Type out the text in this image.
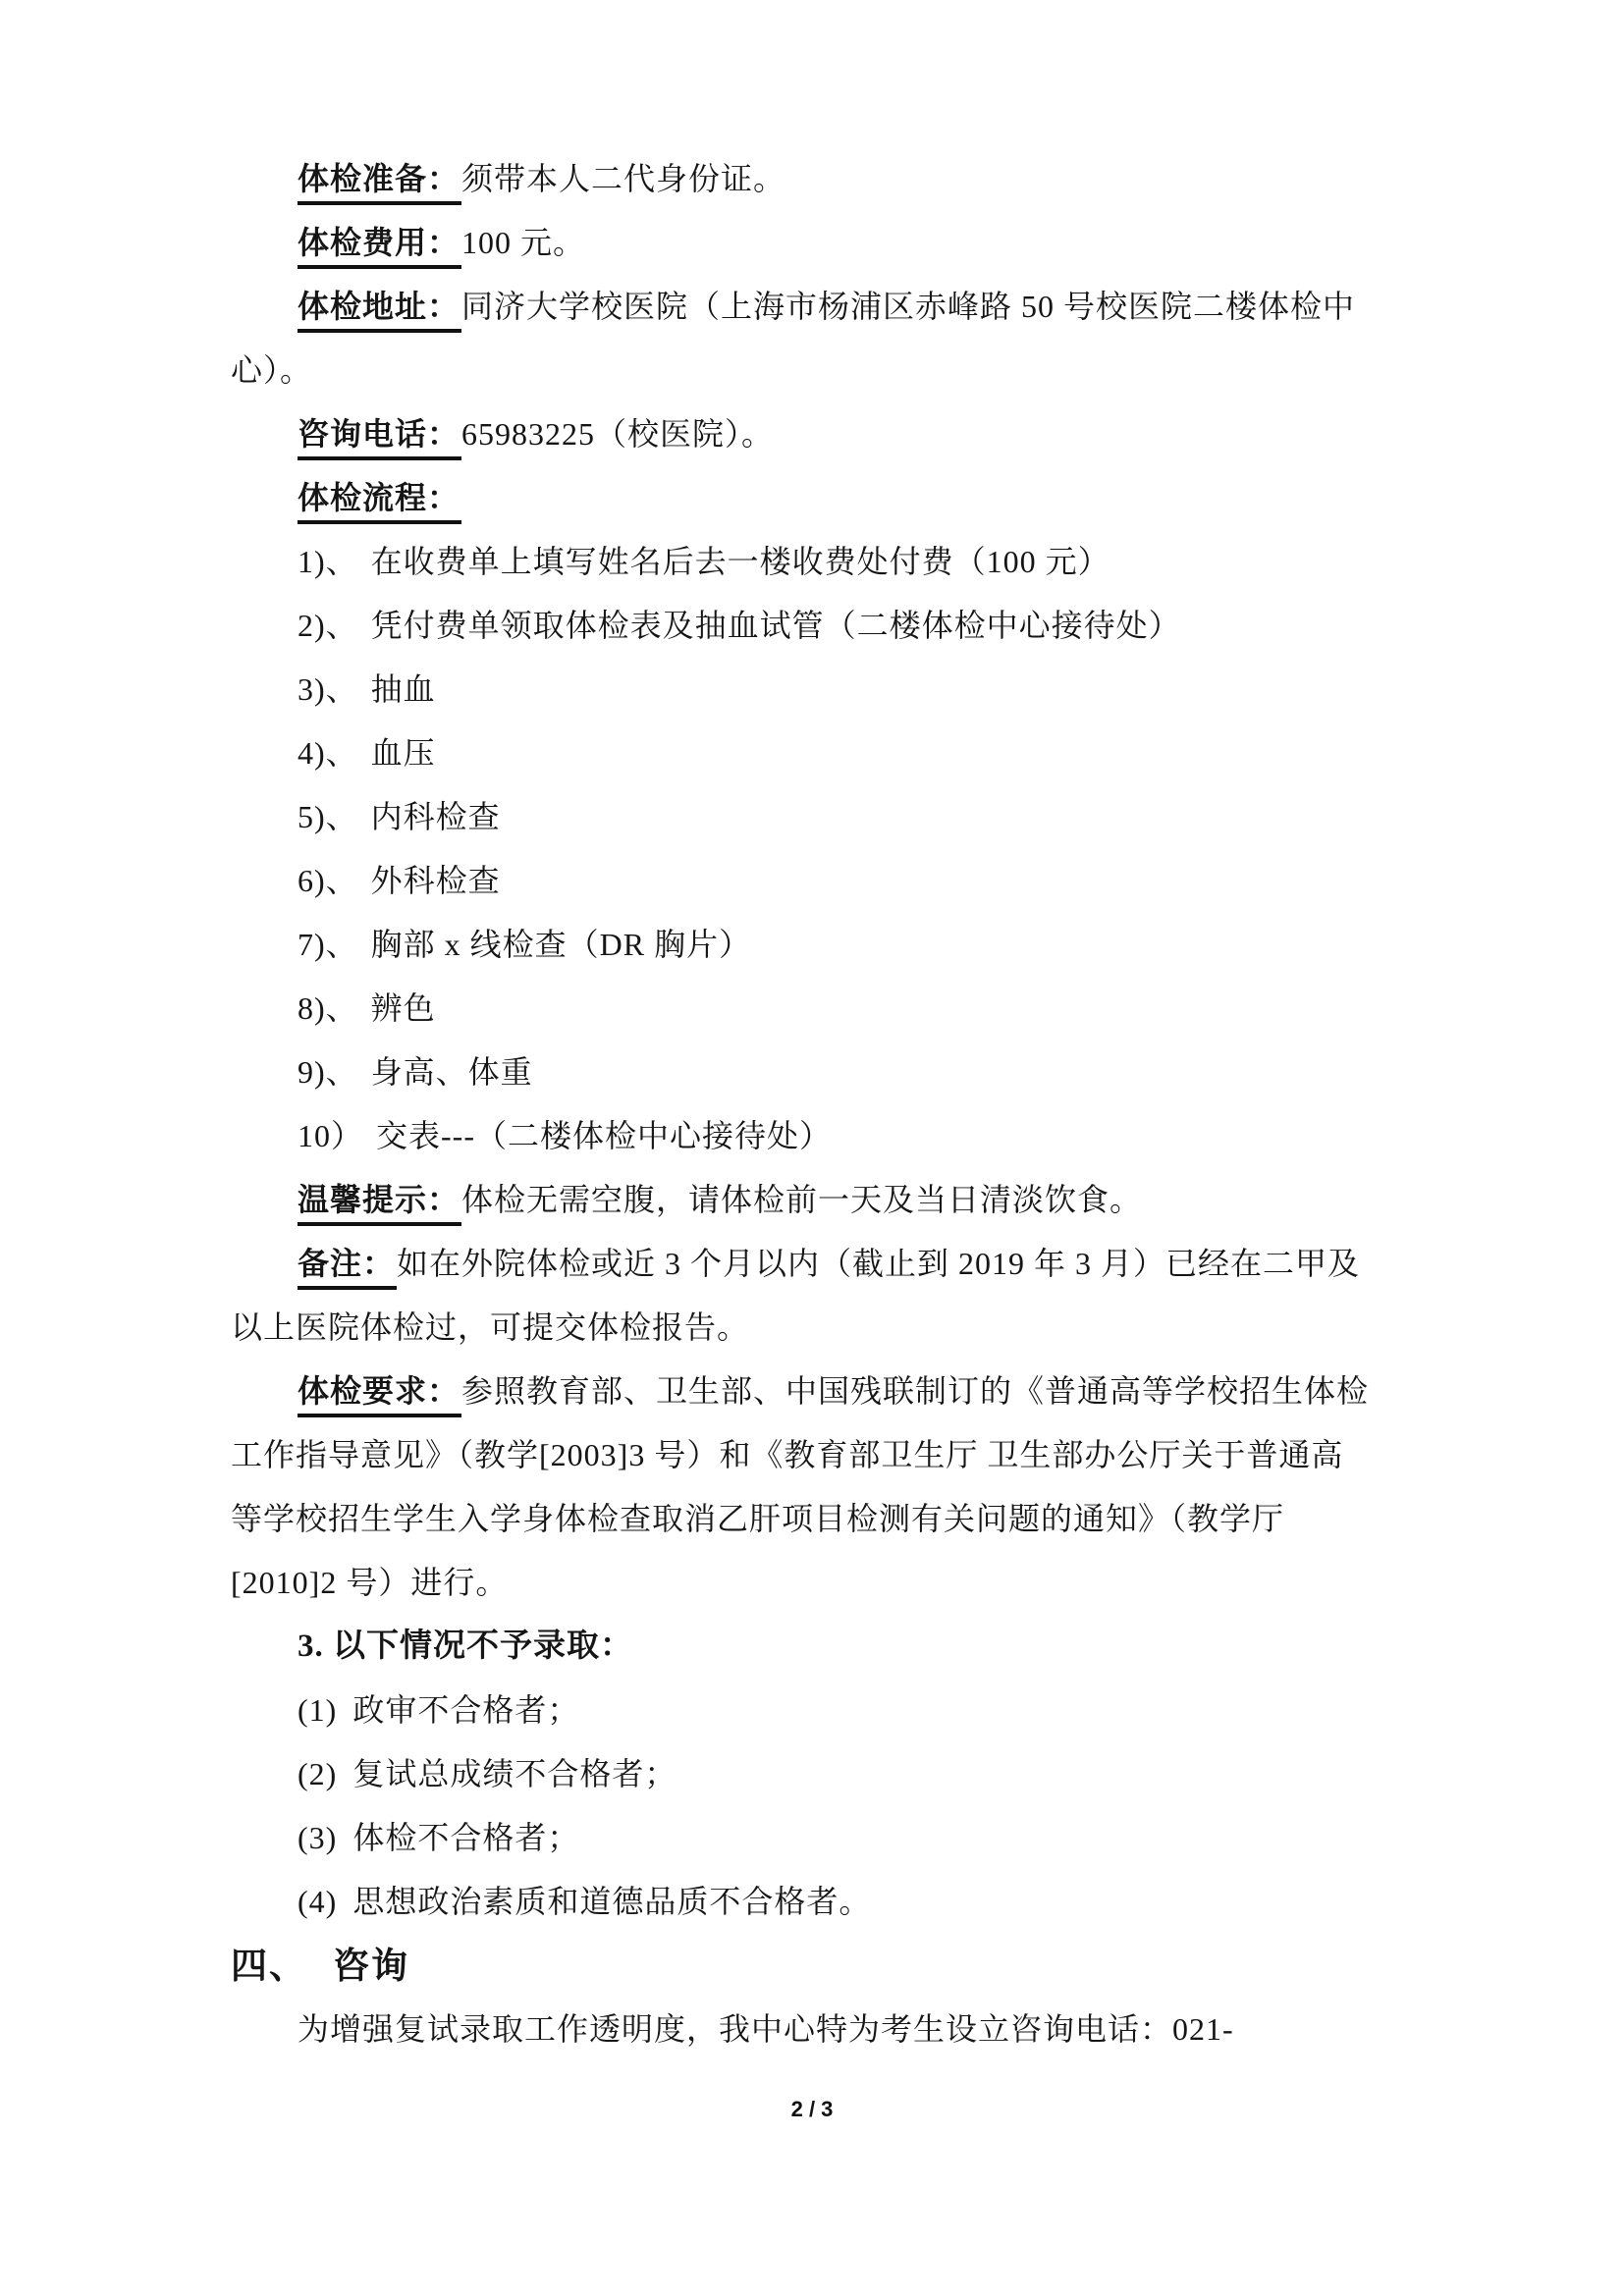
体检准备：须带本人二代身份证。
体检费用：100 元。
体检地址：同济大学校医院（上海市杨浦区赤峰路 50 号校医院二楼体检中
心）。
咨询电话：65983225（校医院）。
体检流程：
1)、 在收费单上填写姓名后去一楼收费处付费（100 元）
2)、 凭付费单领取体检表及抽血试管（二楼体检中心接待处）
3)、 抽血
4)、 血压
5)、 内科检查
6)、 外科检查
7)、 胸部 x 线检查（DR 胸片）
8)、 辨色
9)、 身高、体重
10） 交表---（二楼体检中心接待处）
温馨提示：体检无需空腹，请体检前一天及当日清淡饮食。
备注：如在外院体检或近 3 个月以内（截止到 2019 年 3 月）已经在二甲及
以上医院体检过，可提交体检报告。
体检要求：参照教育部、卫生部、中国残联制订的《普通高等学校招生体检
工作指导意见》（教学[2003]3 号）和《教育部卫生厅 卫生部办公厅关于普通高
等学校招生学生入学身体检查取消乙肝项目检测有关问题的通知》（教学厅
[2010]2 号）进行。
3. 以下情况不予录取：
(1) 政审不合格者；
(2) 复试总成绩不合格者；
(3) 体检不合格者；
(4) 思想政治素质和道德品质不合格者。
四、 咨询
为增强复试录取工作透明度，我中心特为考生设立咨询电话：021-
2 / 3
